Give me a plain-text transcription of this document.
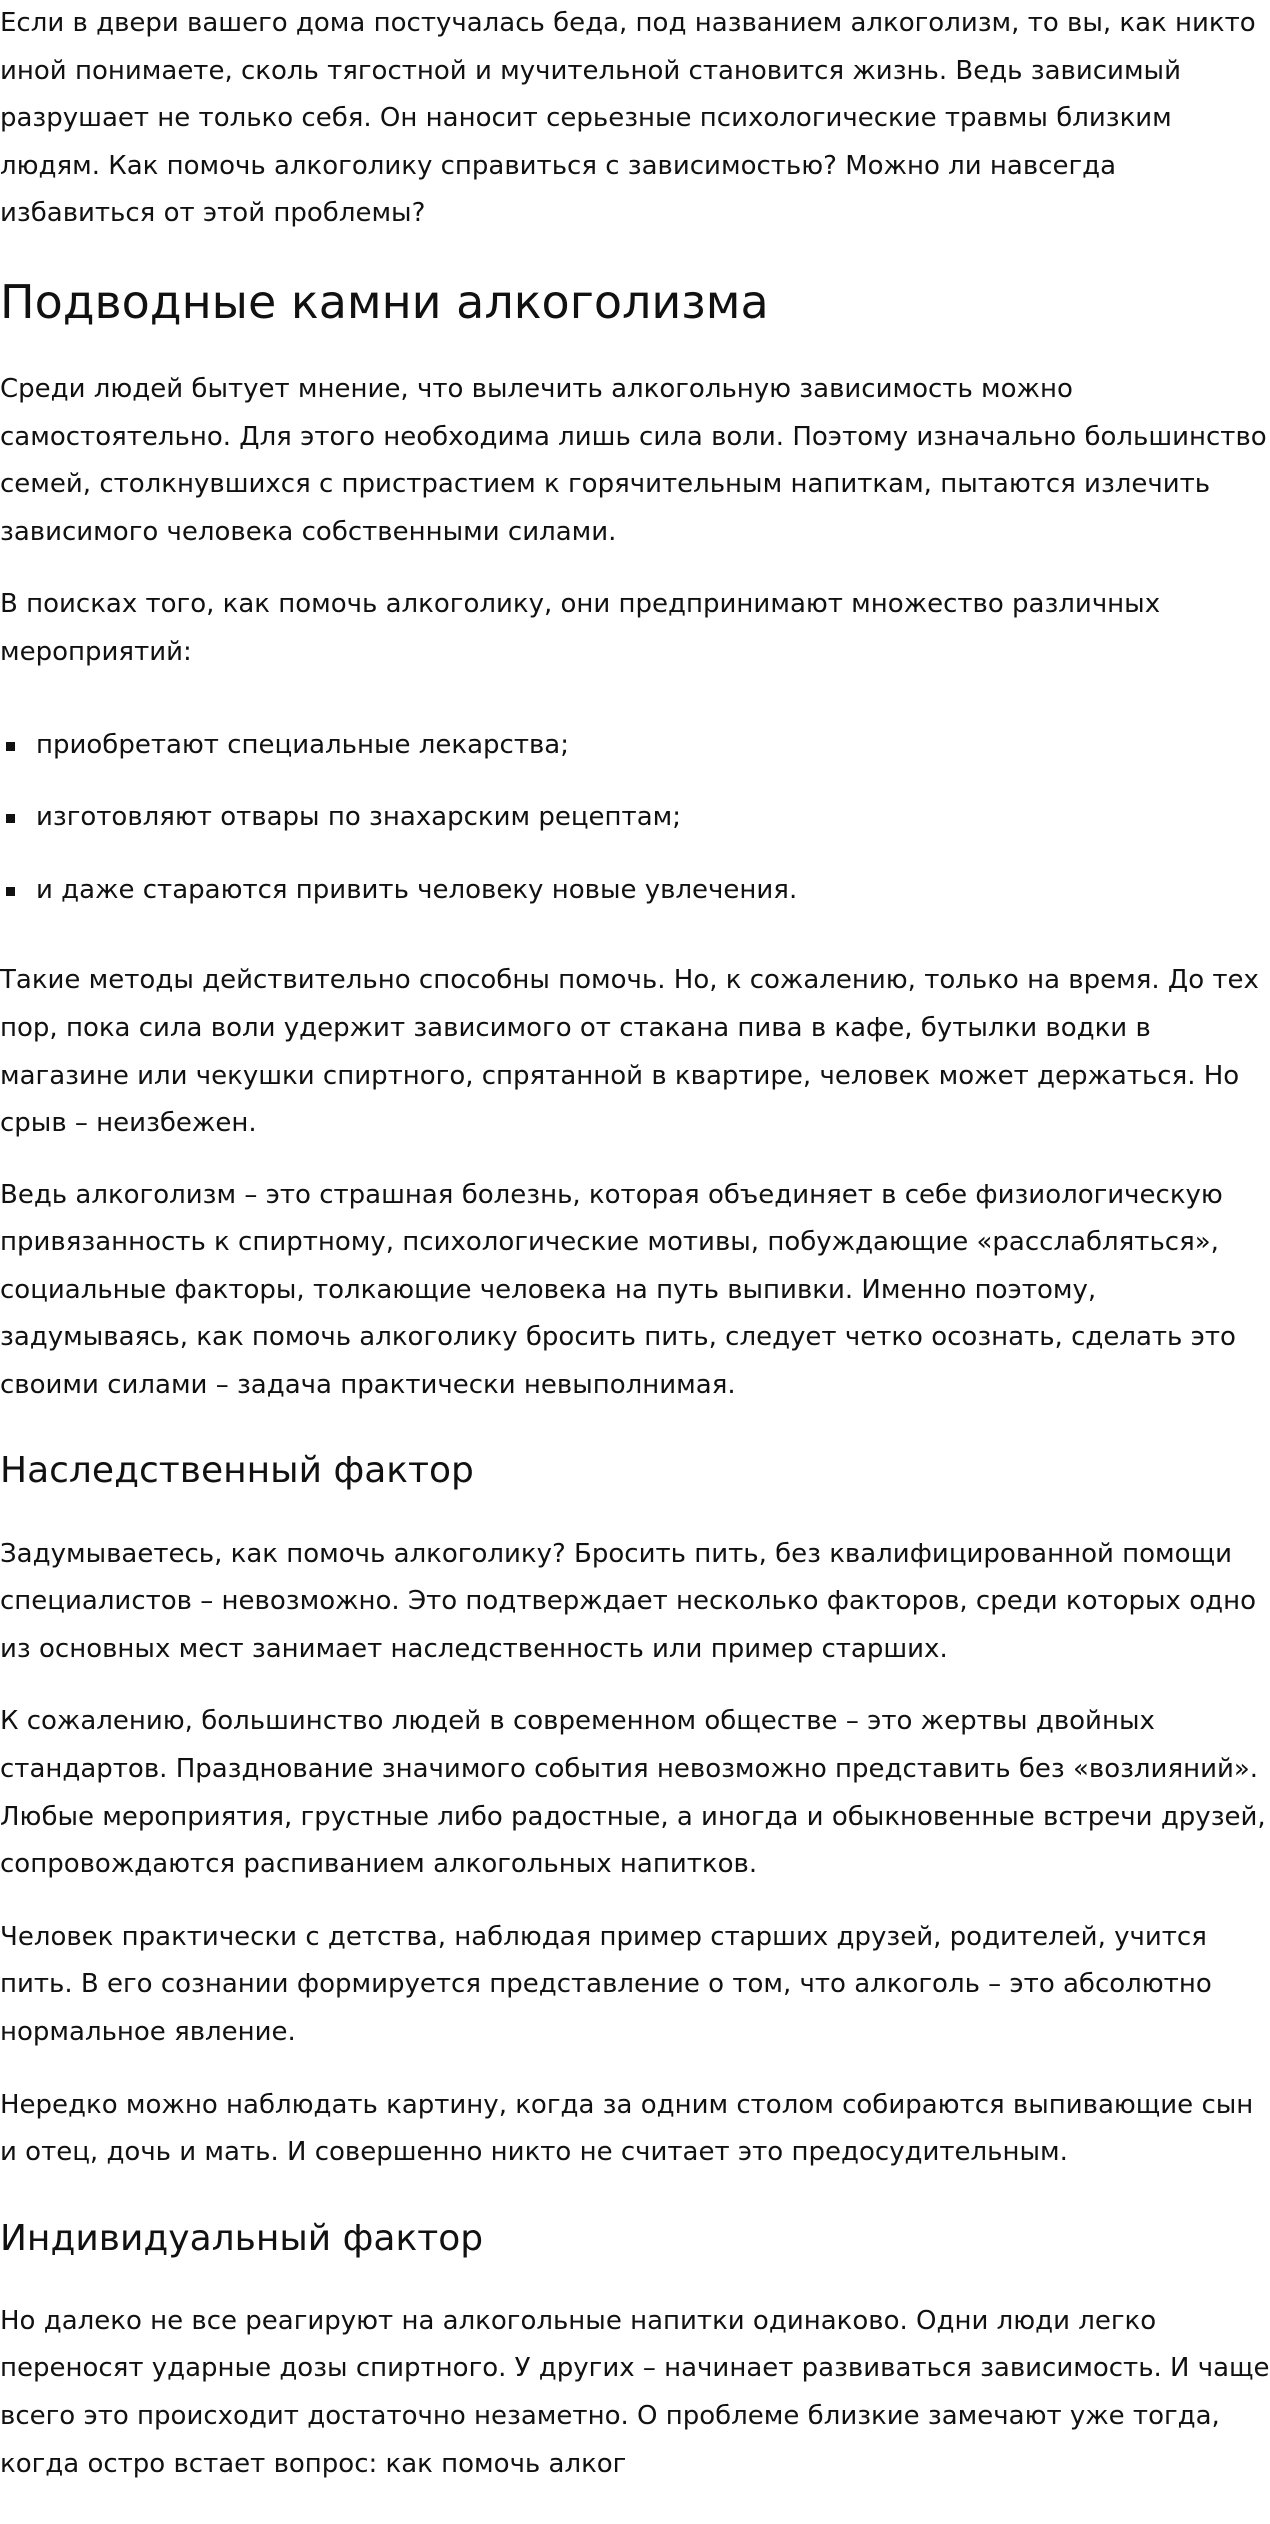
Если в двери вашего дома постучалась беда, под названием алкоголизм, то вы, как никто
иной понимаете, сколь тягостной и мучительной становится жизнь. Ведь зависимый
разрушает не только себя. Он наносит серьезные психологические травмы близким
людям. Как помочь алкоголику справиться с зависимостью? Можно ли навсегда
избавиться от этой проблемы?

Подводные камни алкоголизма

Среди людей бытует мнение, что вылечить алкогольную зависимость можно
самостоятельно. Для этого необходима лишь сила воли. Поэтому изначально большинство
семей, столкнувшихся с пристрастием к горячительным напиткам, пытаются излечить
зависимого человека собственными силами.

В поисках того, как помочь алкоголику, они предпринимают множество различных
мероприятий:

приобретают специальные лекарства;
изготовляют отвары по знахарским рецептам;
и даже стараются привить человеку новые увлечения.

Такие методы действительно способны помочь. Но, к сожалению, только на время. До тех
пор, пока сила воли удержит зависимого от стакана пива в кафе, бутылки водки в
магазине или чекушки спиртного, спрятанной в квартире, человек может держаться. Но
срыв – неизбежен.

Ведь алкоголизм – это страшная болезнь, которая объединяет в себе физиологическую
привязанность к спиртному, психологические мотивы, побуждающие «расслабляться»,
социальные факторы, толкающие человека на путь выпивки. Именно поэтому,
задумываясь, как помочь алкоголику бросить пить, следует четко осознать, сделать это
своими силами – задача практически невыполнимая.

Наследственный фактор

Задумываетесь, как помочь алкоголику? Бросить пить, без квалифицированной помощи
специалистов – невозможно. Это подтверждает несколько факторов, среди которых одно
из основных мест занимает наследственность или пример старших.

К сожалению, большинство людей в современном обществе – это жертвы двойных
стандартов. Празднование значимого события невозможно представить без «возлияний».
Любые мероприятия, грустные либо радостные, а иногда и обыкновенные встречи друзей,
сопровождаются распиванием алкогольных напитков.

Человек практически с детства, наблюдая пример старших друзей, родителей, учится
пить. В его сознании формируется представление о том, что алкоголь – это абсолютно
нормальное явление.

Нередко можно наблюдать картину, когда за одним столом собираются выпивающие сын
и отец, дочь и мать. И совершенно никто не считает это предосудительным.

Индивидуальный фактор

Но далеко не все реагируют на алкогольные напитки одинаково. Одни люди легко
переносят ударные дозы спиртного. У других – начинает развиваться зависимость. И чаще
всего это происходит достаточно незаметно. О проблеме близкие замечают уже тогда,
когда остро встает вопрос: как помочь алког
